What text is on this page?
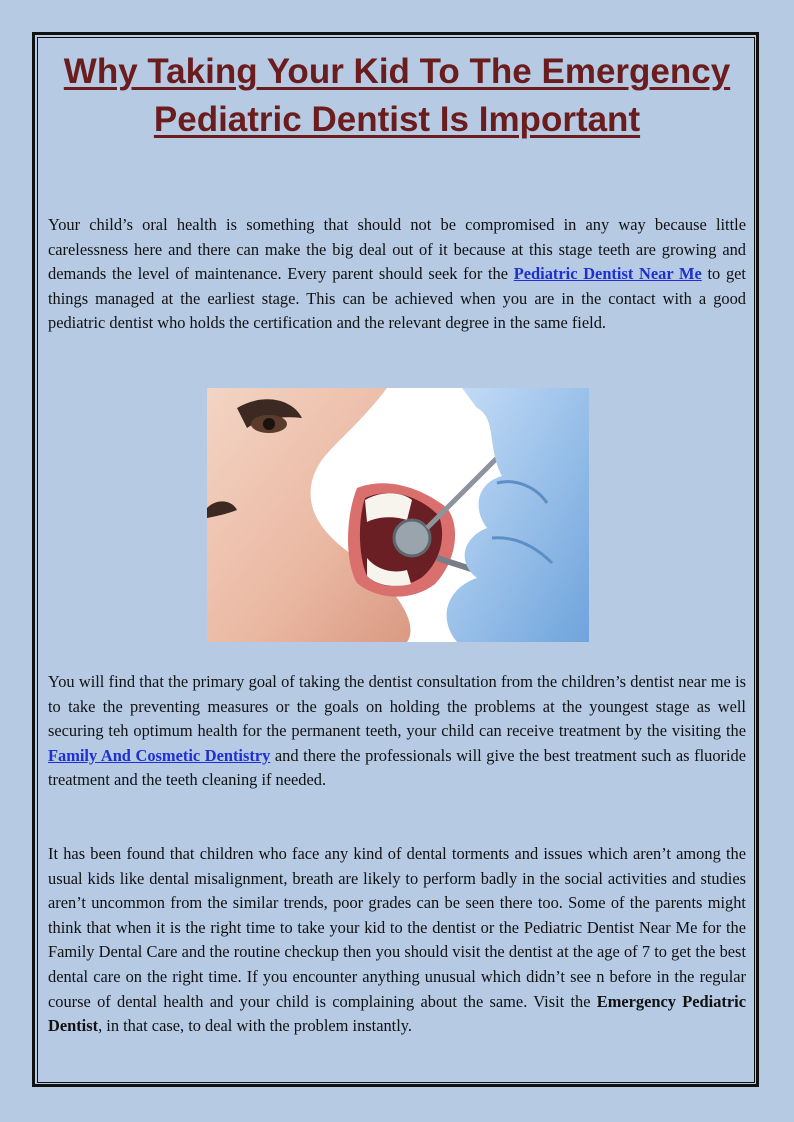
Why Taking Your Kid To The Emergency Pediatric Dentist Is Important

Your child’s oral health is something that should not be compromised in any way because little carelessness here and there can make the big deal out of it because at this stage teeth are growing and demands the level of maintenance. Every parent should seek for the Pediatric Dentist Near Me to get things managed at the earliest stage. This can be achieved when you are in the contact with a good pediatric dentist who holds the certification and the relevant degree in the same field.

You will find that the primary goal of taking the dentist consultation from the children’s dentist near me is to take the preventing measures or the goals on holding the problems at the youngest stage as well securing teh optimum health for the permanent teeth, your child can receive treatment by the visiting the Family And Cosmetic Dentistry and there the professionals will give the best treatment such as fluoride treatment and the teeth cleaning if needed.

It has been found that children who face any kind of dental torments and issues which aren’t among the usual kids like dental misalignment, breath are likely to perform badly in the social activities and studies aren’t uncommon from the similar trends, poor grades can be seen there too. Some of the parents might think that when it is the right time to take your kid to the dentist or the Pediatric Dentist Near Me for the Family Dental Care and the routine checkup then you should visit the dentist at the age of 7 to get the best dental care on the right time. If you encounter anything unusual which didn’t see n before in the regular course of dental health and your child is complaining about the same. Visit the Emergency Pediatric Dentist, in that case, to deal with the problem instantly.
